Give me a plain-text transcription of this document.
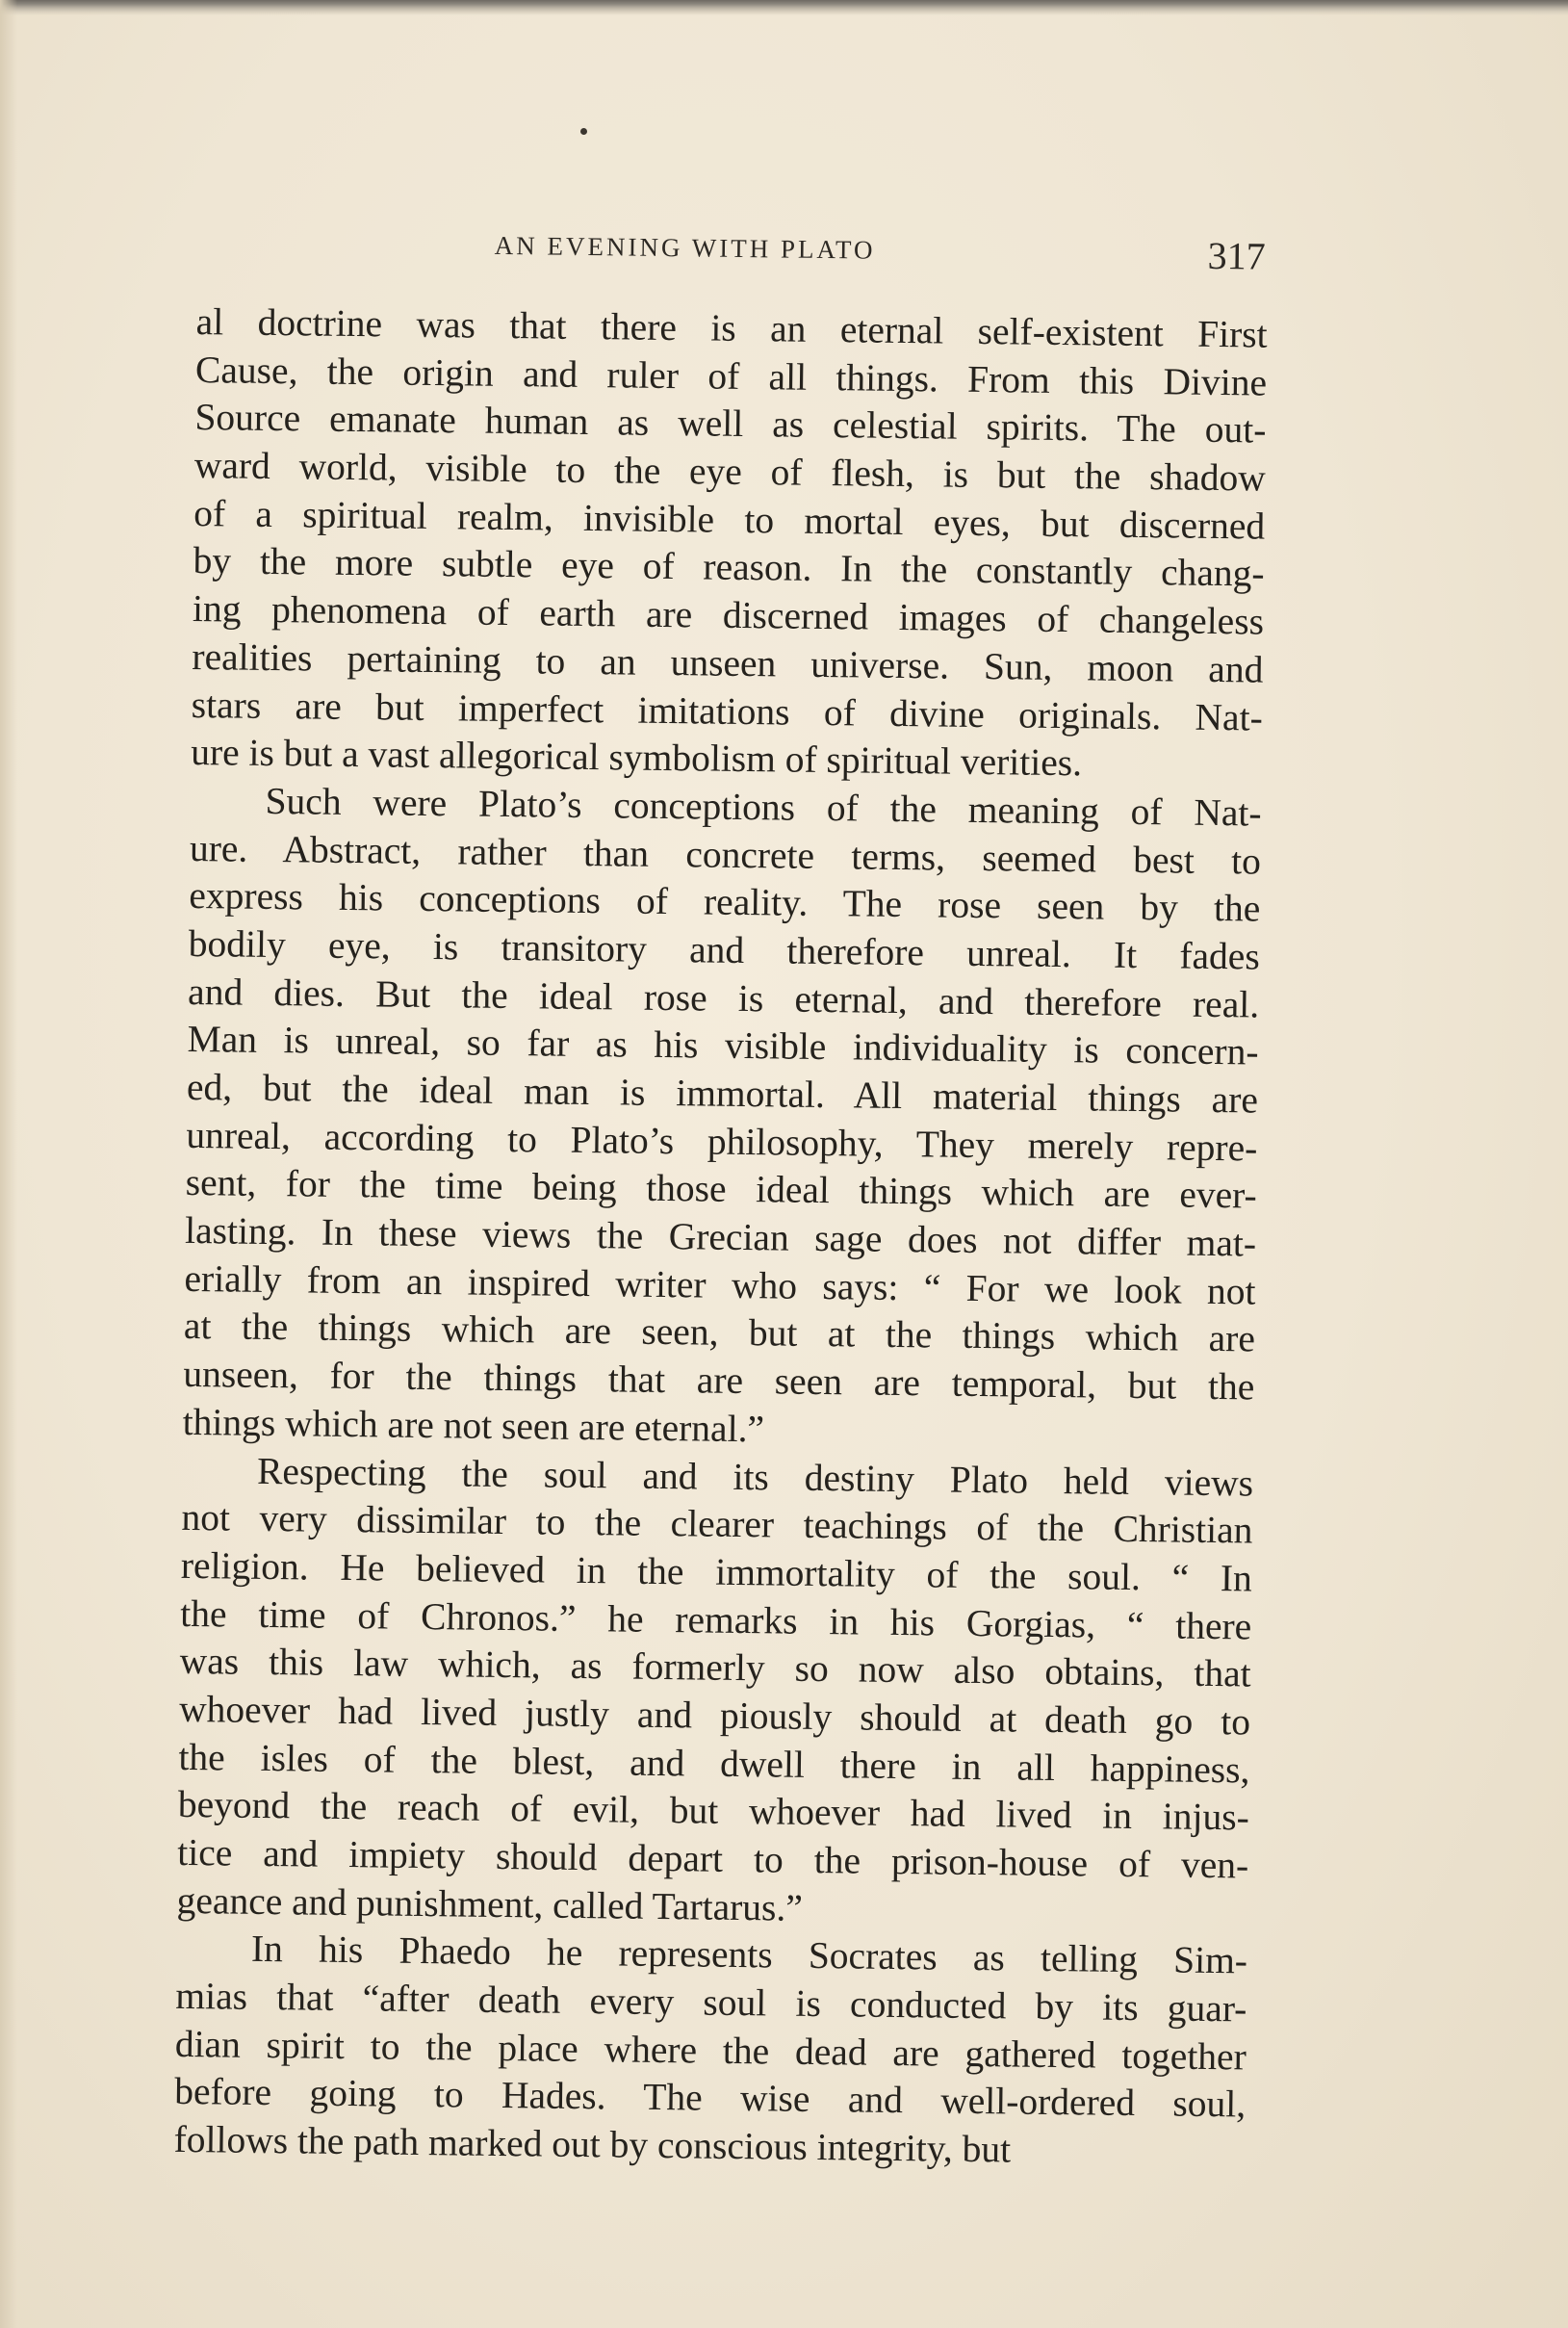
AN EVENING WITH PLATO	317
al doctrine was that there is an eternal self-existent First
Cause, the origin and ruler of all things. From this Divine
Source emanate human as well as celestial spirits. The out-
ward world, visible to the eye of flesh, is but the shadow
of a spiritual realm, invisible to mortal eyes, but discerned
by the more subtle eye of reason. In the constantly chang-
ing phenomena of earth are discerned images of changeless
realities pertaining to an unseen universe. Sun, moon and
stars are but imperfect imitations of divine originals. Nat-
ure is but a vast allegorical symbolism of spiritual verities.
Such were Plato’s conceptions of the meaning of Nat-
ure. Abstract, rather than concrete terms, seemed best to
express his conceptions of reality. The rose seen by the
bodily eye, is transitory and therefore unreal. It fades
and dies. But the ideal rose is eternal, and therefore real.
Man is unreal, so far as his visible individuality is concern-
ed, but the ideal man is immortal. All material things are
unreal, according to Plato’s philosophy, They merely repre-
sent, for the time being those ideal things which are ever-
lasting. In these views the Grecian sage does not differ mat-
erially from an inspired writer who says: “ For we look not
at the things which are seen, but at the things which are
unseen, for the things that are seen are temporal, but the
things which are not seen are eternal.”
Respecting the soul and its destiny Plato held views
not very dissimilar to the clearer teachings of the Christian
religion. He believed in the immortality of the soul. “ In
the time of Chronos.” he remarks in his Gorgias, “ there
was this law which, as formerly so now also obtains, that
whoever had lived justly and piously should at death go to
the isles of the blest, and dwell there in all happiness,
beyond the reach of evil, but whoever had lived in injus-
tice and impiety should depart to the prison-house of ven-
geance and punishment, called Tartarus.”
In his Phaedo he represents Socrates as telling Sim-
mias that “after death every soul is conducted by its guar-
dian spirit to the place where the dead are gathered together
before going to Hades. The wise and well-ordered soul,
follows the path marked out by conscious integrity, but
